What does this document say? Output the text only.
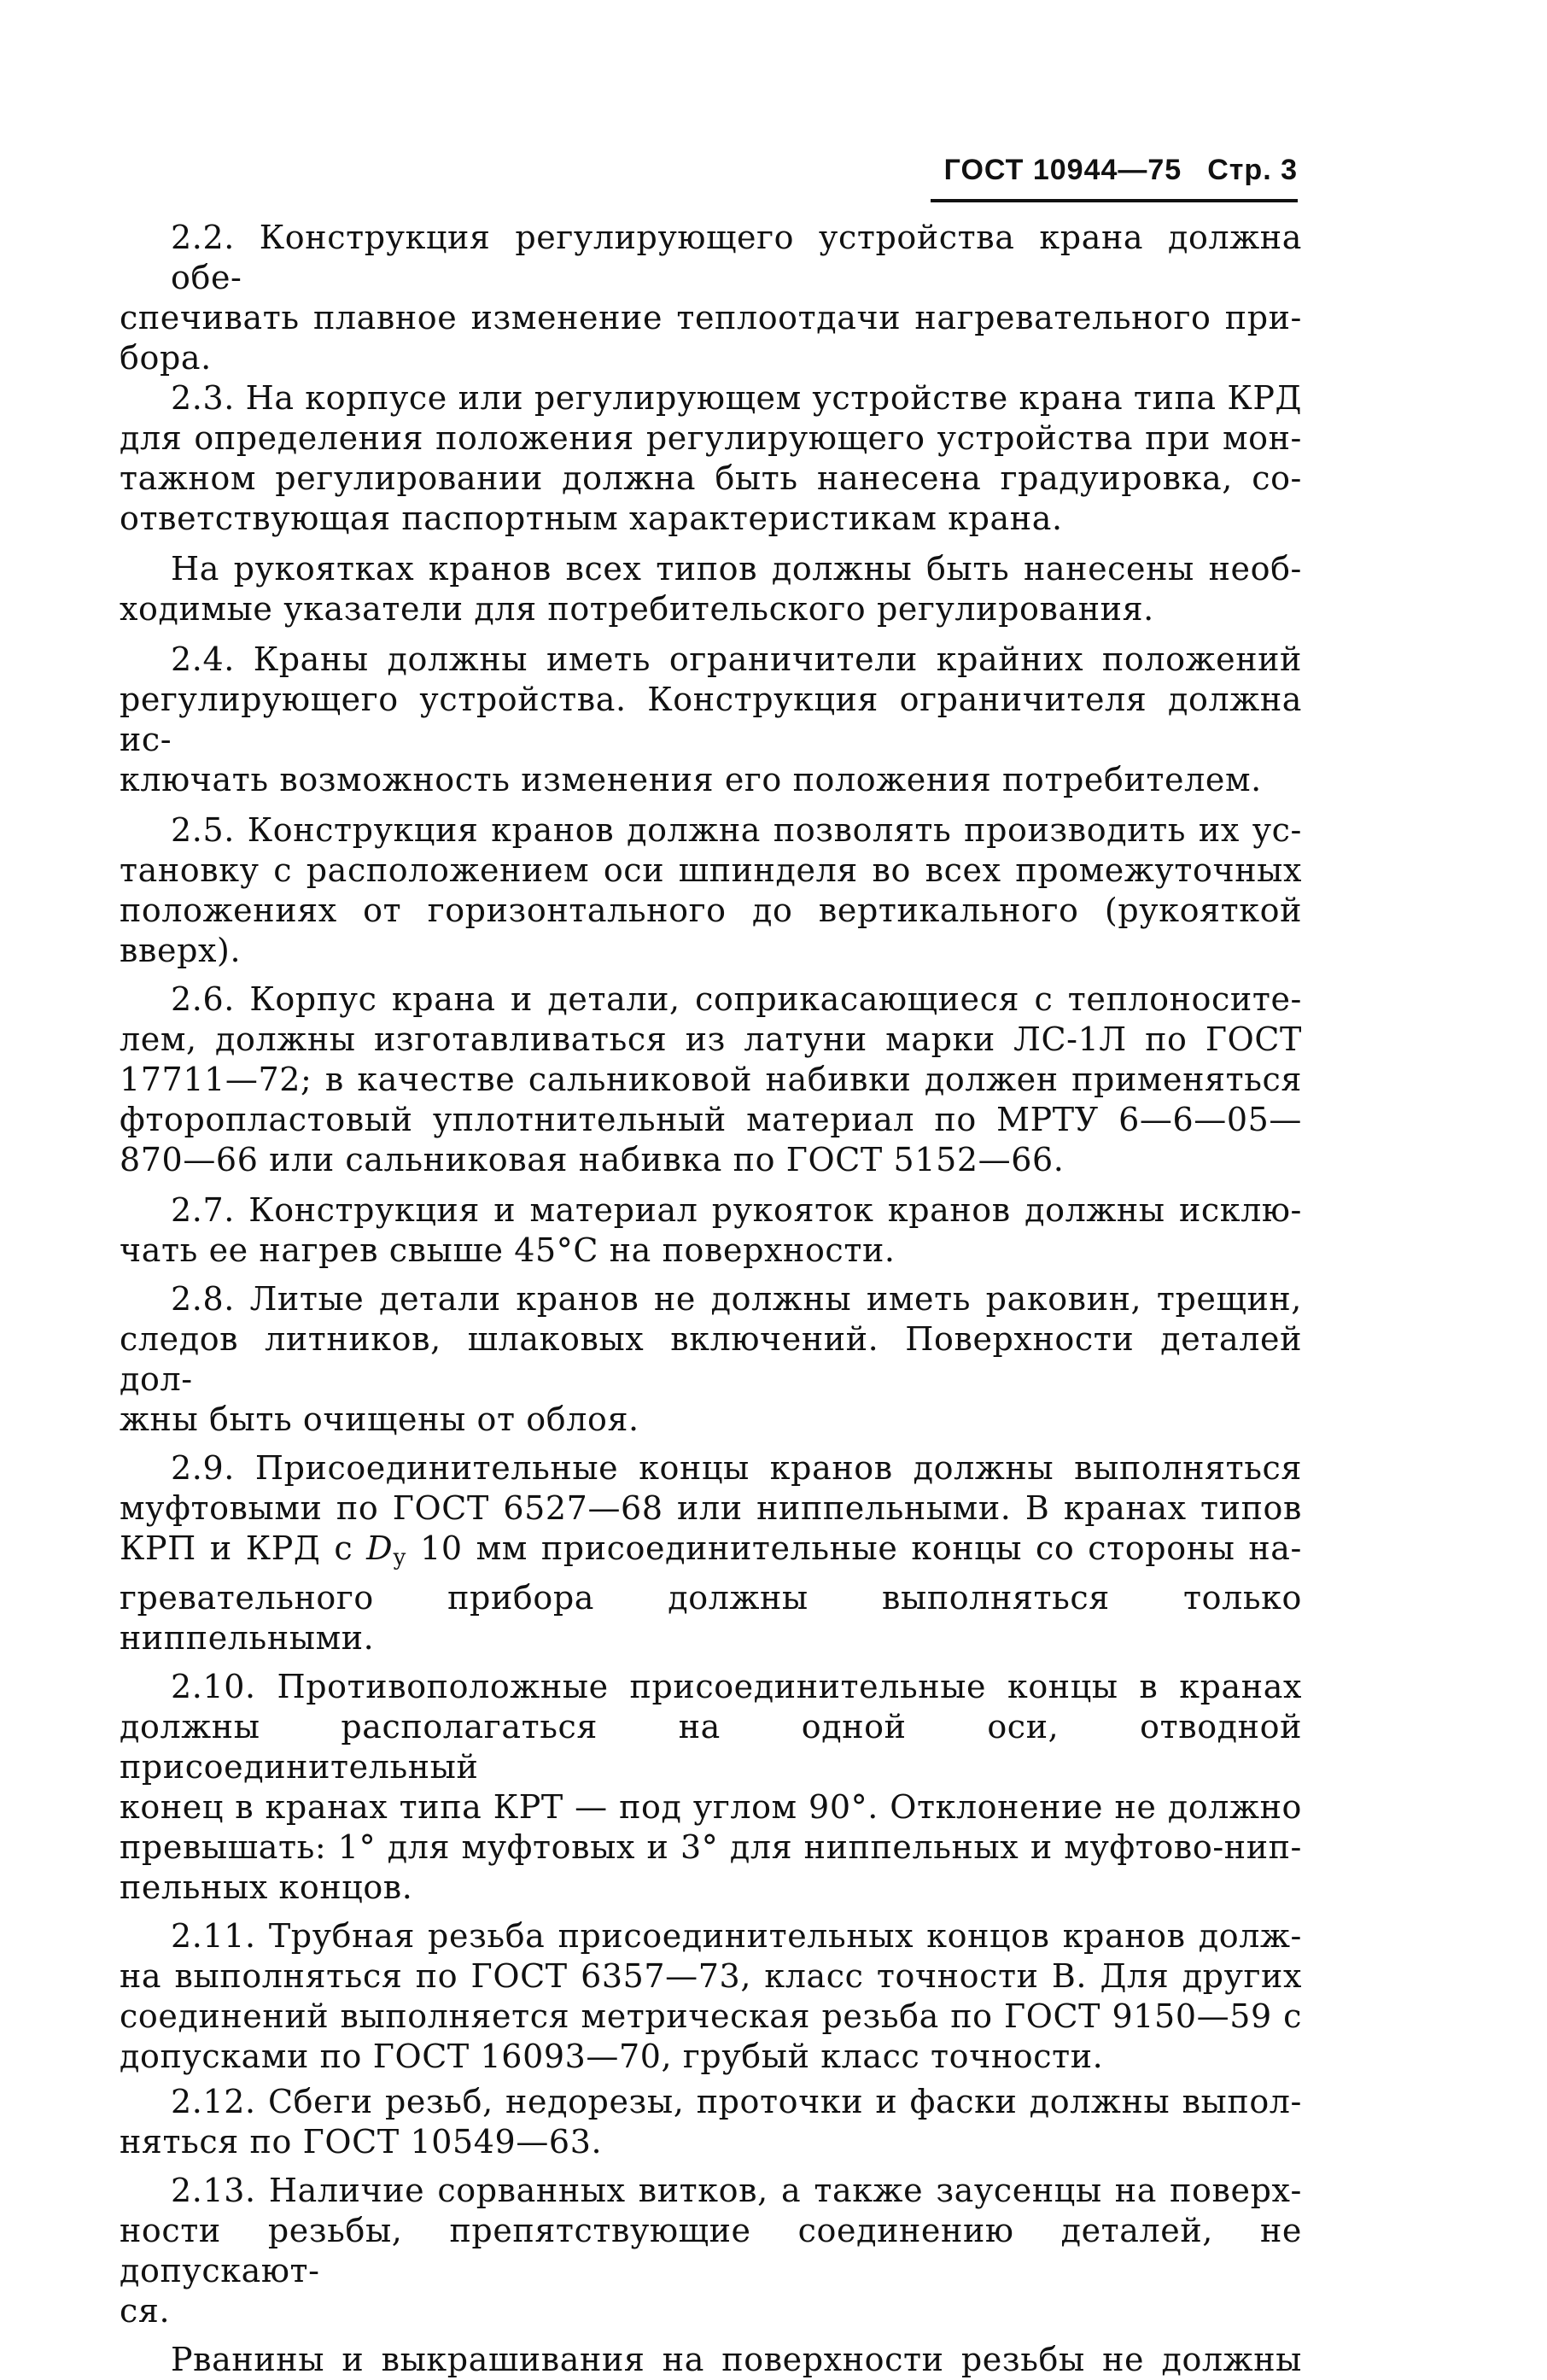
ГОСТ 10944—75 Стр. 3
2.2. Конструкция регулирующего устройства крана должна обе-
спечивать плавное изменение теплоотдачи нагревательного при-
бора.
2.3. На корпусе или регулирующем устройстве крана типа КРД
для определения положения регулирующего устройства при мон-
тажном регулировании должна быть нанесена градуировка, со-
ответствующая паспортным характеристикам крана.
На рукоятках кранов всех типов должны быть нанесены необ-
ходимые указатели для потребительского регулирования.
2.4. Краны должны иметь ограничители крайних положений
регулирующего устройства. Конструкция ограничителя должна ис-
ключать возможность изменения его положения потребителем.
2.5. Конструкция кранов должна позволять производить их ус-
тановку с расположением оси шпинделя во всех промежуточных
положениях от горизонтального до вертикального (рукояткой
вверх).
2.6. Корпус крана и детали, соприкасающиеся с теплоносите-
лем, должны изготавливаться из латуни марки ЛС-1Л по ГОСТ
17711—72; в качестве сальниковой набивки должен применяться
фторопластовый уплотнительный материал по МРТУ 6—6—05—
870—66 или сальниковая набивка по ГОСТ 5152—66.
2.7. Конструкция и материал рукояток кранов должны исклю-
чать ее нагрев свыше 45°С на поверхности.
2.8. Литые детали кранов не должны иметь раковин, трещин,
следов литников, шлаковых включений. Поверхности деталей дол-
жны быть очищены от облоя.
2.9. Присоединительные концы кранов должны выполняться
муфтовыми по ГОСТ 6527—68 или ниппельными. В кранах типов
КРП и КРД с $D_у$ 10 мм присоединительные концы со стороны на-
гревательного прибора должны выполняться только ниппельными.
2.10. Противоположные присоединительные концы в кранах
должны располагаться на одной оси, отводной присоединительный
конец в кранах типа КРТ — под углом 90°. Отклонение не должно
превышать: 1° для муфтовых и 3° для ниппельных и муфтово-нип-
пельных концов.
2.11. Трубная резьба присоединительных концов кранов долж-
на выполняться по ГОСТ 6357—73, класс точности В. Для других
соединений выполняется метрическая резьба по ГОСТ 9150—59 с
допусками по ГОСТ 16093—70, грубый класс точности.
2.12. Сбеги резьб, недорезы, проточки и фаски должны выпол-
няться по ГОСТ 10549—63.
2.13. Наличие сорванных витков, а также заусенцы на поверх-
ности резьбы, препятствующие соединению деталей, не допускают-
ся.
Рванины и выкрашивания на поверхности резьбы не должны
